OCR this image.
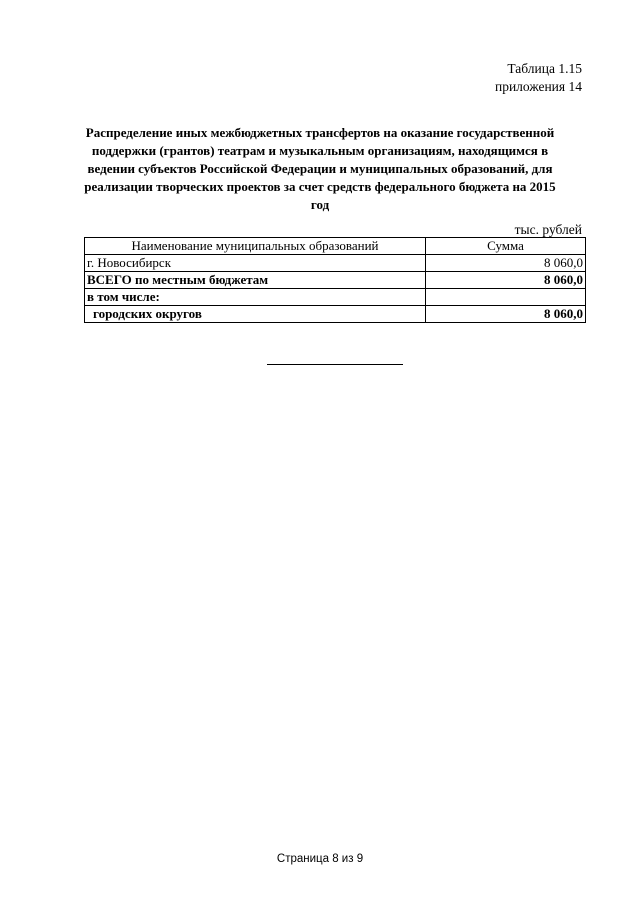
Таблица 1.15
приложения 14
Распределение иных межбюджетных трансфертов на оказание государственной поддержки (грантов) театрам и музыкальным организациям, находящимся в ведении субъектов Российской Федерации и муниципальных образований, для реализации творческих проектов за счет средств федерального бюджета на 2015 год
тыс. рублей
Наименование муниципальных образований	Сумма
г. Новосибирск	8 060,0
ВСЕГО по местным бюджетам	8 060,0
в том числе:	
городских округов	8 060,0
Страница 8 из 9
